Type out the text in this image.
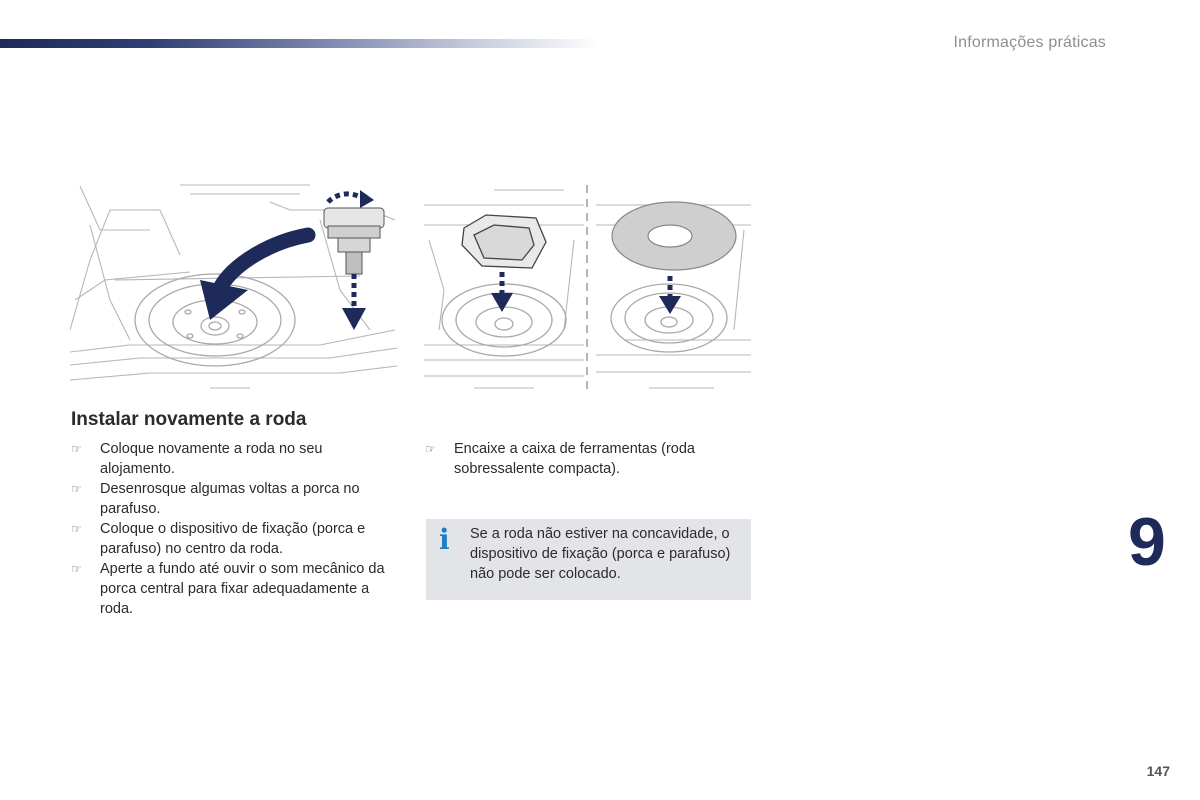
Informações práticas
Instalar novamente a roda
☞ Coloque novamente a roda no seu alojamento.
☞ Desenrosque algumas voltas a porca no parafuso.
☞ Coloque o dispositivo de fixação (porca e parafuso) no centro da roda.
☞ Aperte a fundo até ouvir o som mecânico da porca central para fixar adequadamente a roda.
☞ Encaixe a caixa de ferramentas (roda sobressalente compacta).
i Se a roda não estiver na concavidade, o dispositivo de fixação (porca e parafuso) não pode ser colocado.	9
147
